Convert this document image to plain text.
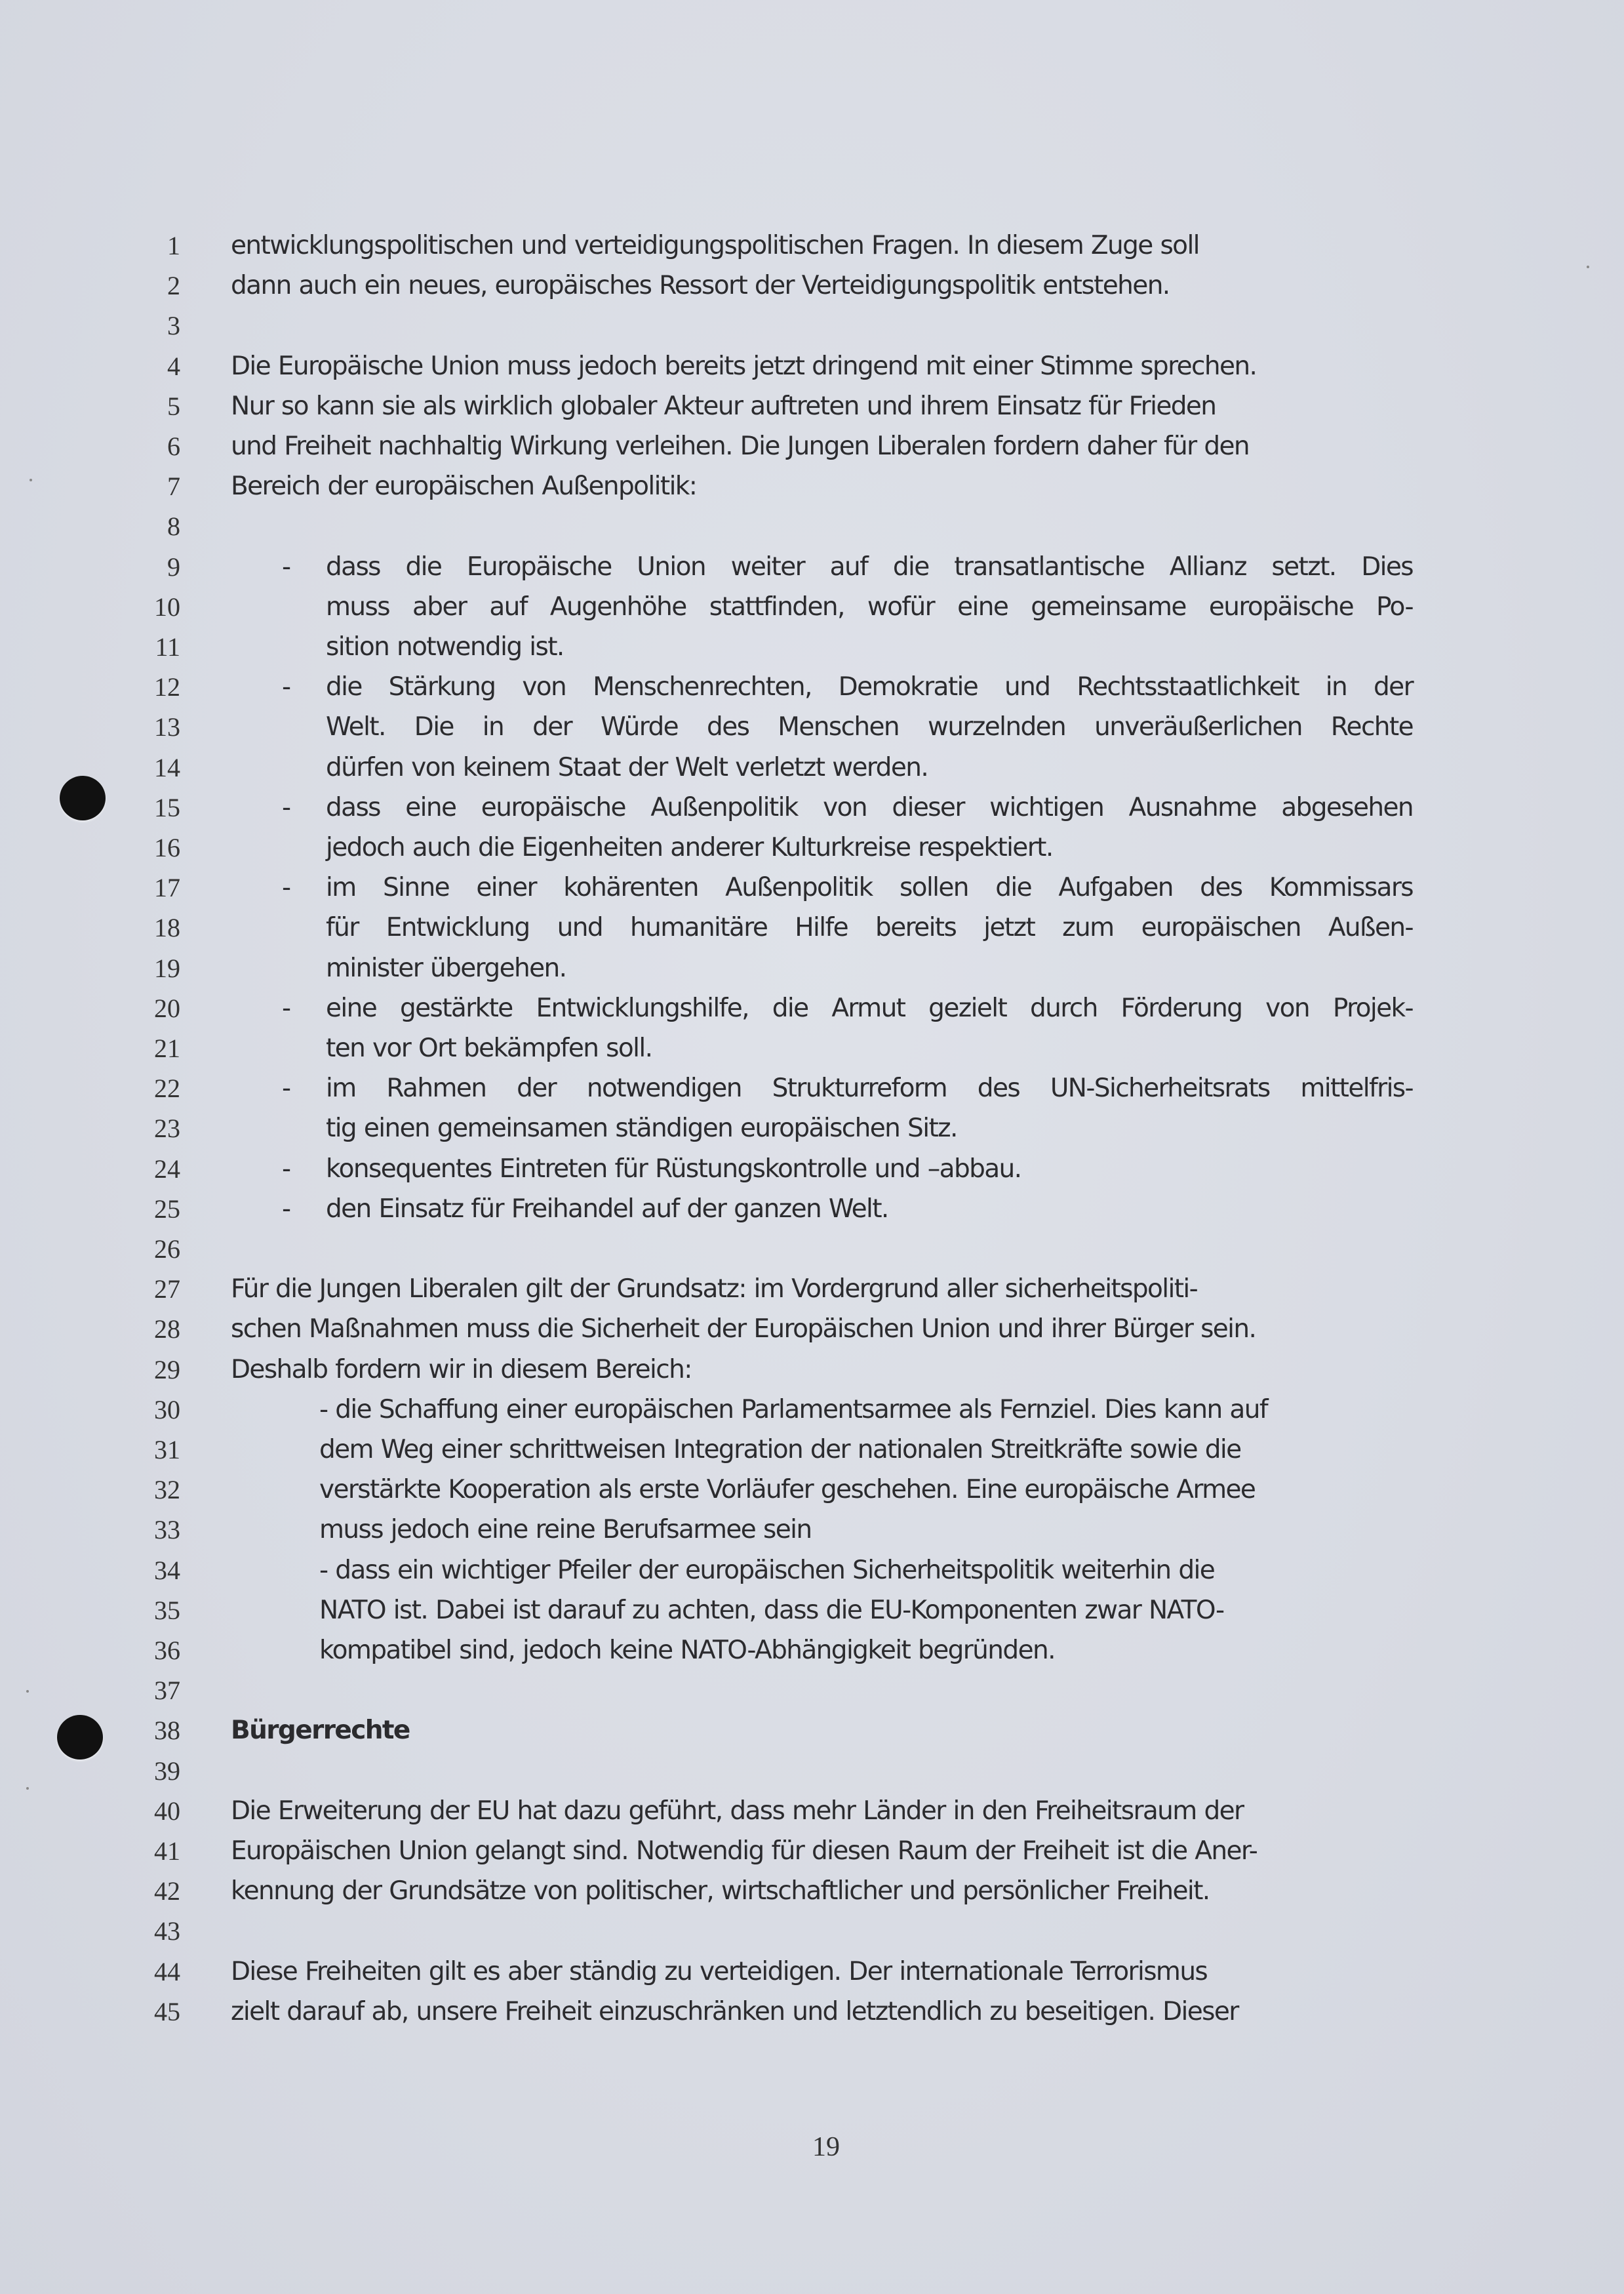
1 entwicklungspolitischen und verteidigungspolitischen Fragen. In diesem Zuge soll
2 dann auch ein neues, europäisches Ressort der Verteidigungspolitik entstehen.
3
4 Die Europäische Union muss jedoch bereits jetzt dringend mit einer Stimme sprechen.
5 Nur so kann sie als wirklich globaler Akteur auftreten und ihrem Einsatz für Frieden
6 und Freiheit nachhaltig Wirkung verleihen. Die Jungen Liberalen fordern daher für den
7 Bereich der europäischen Außenpolitik:
8
9	- dass die Europäische Union weiter auf die transatlantische Allianz setzt. Dies
10	muss aber auf Augenhöhe stattfinden, wofür eine gemeinsame europäische Po-
11	sition notwendig ist.
12	- die Stärkung von Menschenrechten, Demokratie und Rechtsstaatlichkeit in der
13	Welt. Die in der Würde des Menschen wurzelnden unveräußerlichen Rechte
14	dürfen von keinem Staat der Welt verletzt werden.
15	- dass eine europäische Außenpolitik von dieser wichtigen Ausnahme abgesehen
16	jedoch auch die Eigenheiten anderer Kulturkreise respektiert.
17	- im Sinne einer kohärenten Außenpolitik sollen die Aufgaben des Kommissars
18	für Entwicklung und humanitäre Hilfe bereits jetzt zum europäischen Außen-
19	minister übergehen.
20	- eine gestärkte Entwicklungshilfe, die Armut gezielt durch Förderung von Projek-
21	ten vor Ort bekämpfen soll.
22	- im Rahmen der notwendigen Strukturreform des UN-Sicherheitsrats mittelfris-
23	tig einen gemeinsamen ständigen europäischen Sitz.
24	- konsequentes Eintreten für Rüstungskontrolle und –abbau.
25	- den Einsatz für Freihandel auf der ganzen Welt.
26
27 Für die Jungen Liberalen gilt der Grundsatz: im Vordergrund aller sicherheitspoliti-
28 schen Maßnahmen muss die Sicherheit der Europäischen Union und ihrer Bürger sein.
29 Deshalb fordern wir in diesem Bereich:
30	- die Schaffung einer europäischen Parlamentsarmee als Fernziel. Dies kann auf
31	dem Weg einer schrittweisen Integration der nationalen Streitkräfte sowie die
32	verstärkte Kooperation als erste Vorläufer geschehen. Eine europäische Armee
33	muss jedoch eine reine Berufsarmee sein
34	- dass ein wichtiger Pfeiler der europäischen Sicherheitspolitik weiterhin die
35	NATO ist. Dabei ist darauf zu achten, dass die EU-Komponenten zwar NATO-
36	kompatibel sind, jedoch keine NATO-Abhängigkeit begründen.
37
38 Bürgerrechte
39
40 Die Erweiterung der EU hat dazu geführt, dass mehr Länder in den Freiheitsraum der
41 Europäischen Union gelangt sind. Notwendig für diesen Raum der Freiheit ist die Aner-
42 kennung der Grundsätze von politischer, wirtschaftlicher und persönlicher Freiheit.
43
44 Diese Freiheiten gilt es aber ständig zu verteidigen. Der internationale Terrorismus
45 zielt darauf ab, unsere Freiheit einzuschränken und letztendlich zu beseitigen. Dieser
19
